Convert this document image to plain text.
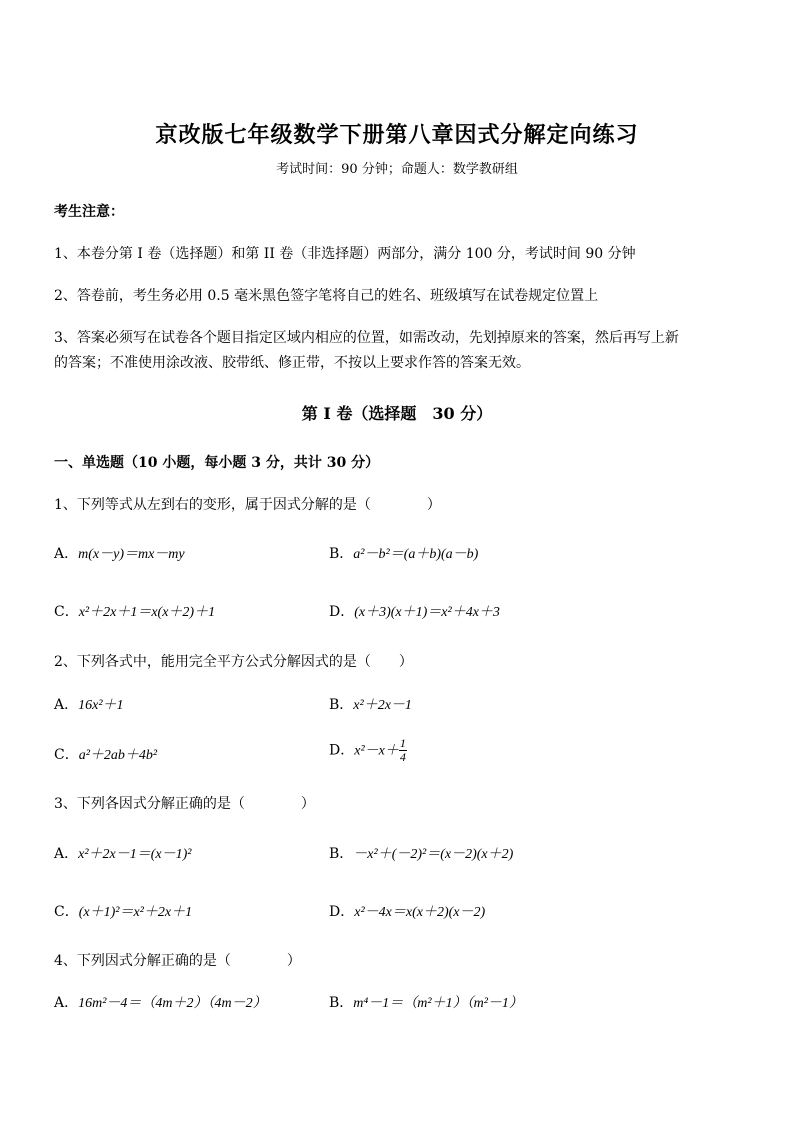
京改版七年级数学下册第八章因式分解定向练习
考试时间：90 分钟；命题人：数学教研组
考生注意：
1、本卷分第 I 卷（选择题）和第 II 卷（非选择题）两部分，满分 100 分，考试时间 90 分钟
2、答卷前，考生务必用 0.5 毫米黑色签字笔将自己的姓名、班级填写在试卷规定位置上
3、答案必须写在试卷各个题目指定区域内相应的位置，如需改动，先划掉原来的答案，然后再写上新
的答案；不准使用涂改液、胶带纸、修正带，不按以上要求作答的答案无效。
第 I 卷（选择题　30 分）
一、单选题（10 小题，每小题 3 分，共计 30 分）
1、下列等式从左到右的变形，属于因式分解的是（　　　　）
A．m(x－y)＝mx－my	B．a²－b²＝(a＋b)(a－b)
C．x²＋2x＋1＝x(x＋2)＋1	D．(x＋3)(x＋1)＝x²＋4x＋3
2、下列各式中，能用完全平方公式分解因式的是（　　）
A．16x²＋1	B．x²＋2x－1
C．a²＋2ab＋4b²	D．$x^2-x+ \frac{1}{4}$
3、下列各因式分解正确的是（　　　　）
A．x²＋2x－1＝(x－1)²	B．－x²＋(－2)²＝(x－2)(x＋2)
C．(x＋1)²＝x²＋2x＋1	D．x²－4x＝x(x＋2)(x－2)
4、下列因式分解正确的是（　　　　）
A．16m²－4＝（4m＋2）（4m－2）	B．m⁴－1＝（m²＋1）（m²－1）
